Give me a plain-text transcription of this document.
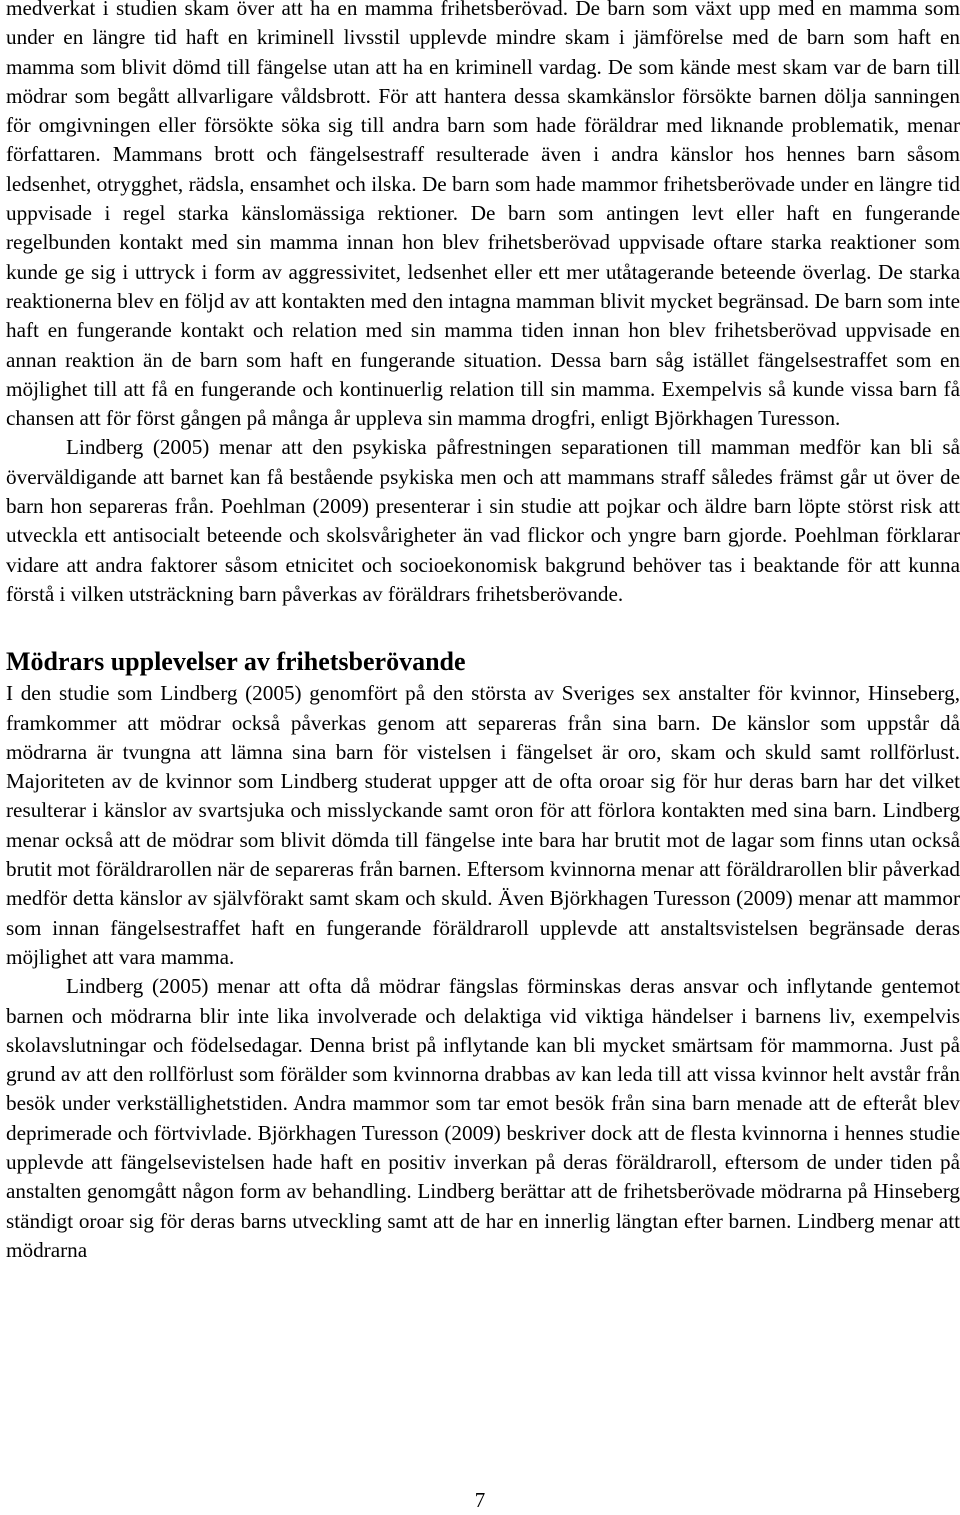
medverkat i studien skam över att ha en mamma frihetsberövad. De barn som växt upp med en mamma som under en längre tid haft en kriminell livsstil upplevde mindre skam i jämförelse med de barn som haft en mamma som blivit dömd till fängelse utan att ha en kriminell vardag. De som kände mest skam var de barn till mödrar som begått allvarligare våldsbrott. För att hantera dessa skamkänslor försökte barnen dölja sanningen för omgivningen eller försökte söka sig till andra barn som hade föräldrar med liknande problematik, menar författaren. Mammans brott och fängelsestraff resulterade även i andra känslor hos hennes barn såsom ledsenhet, otrygghet, rädsla, ensamhet och ilska. De barn som hade mammor frihetsberövade under en längre tid uppvisade i regel starka känslomässiga rektioner. De barn som antingen levt eller haft en fungerande regelbunden kontakt med sin mamma innan hon blev frihetsberövad uppvisade oftare starka reaktioner som kunde ge sig i uttryck i form av aggressivitet, ledsenhet eller ett mer utåtagerande beteende överlag. De starka reaktionerna blev en följd av att kontakten med den intagna mamman blivit mycket begränsad. De barn som inte haft en fungerande kontakt och relation med sin mamma tiden innan hon blev frihetsberövad uppvisade en annan reaktion än de barn som haft en fungerande situation. Dessa barn såg istället fängelsestraffet som en möjlighet till att få en fungerande och kontinuerlig relation till sin mamma. Exempelvis så kunde vissa barn få chansen att för först gången på många år uppleva sin mamma drogfri, enligt Björkhagen Turesson.

Lindberg (2005) menar att den psykiska påfrestningen separationen till mamman medför kan bli så överväldigande att barnet kan få bestående psykiska men och att mammans straff således främst går ut över de barn hon separeras från. Poehlman (2009) presenterar i sin studie att pojkar och äldre barn löpte störst risk att utveckla ett antisocialt beteende och skolsvårigheter än vad flickor och yngre barn gjorde. Poehlman förklarar vidare att andra faktorer såsom etnicitet och socioekonomisk bakgrund behöver tas i beaktande för att kunna förstå i vilken utsträckning barn påverkas av föräldrars frihetsberövande.

Mödrars upplevelser av frihetsberövande

I den studie som Lindberg (2005) genomfört på den största av Sveriges sex anstalter för kvinnor, Hinseberg, framkommer att mödrar också påverkas genom att separeras från sina barn. De känslor som uppstår då mödrarna är tvungna att lämna sina barn för vistelsen i fängelset är oro, skam och skuld samt rollförlust. Majoriteten av de kvinnor som Lindberg studerat uppger att de ofta oroar sig för hur deras barn har det vilket resulterar i känslor av svartsjuka och misslyckande samt oron för att förlora kontakten med sina barn. Lindberg menar också att de mödrar som blivit dömda till fängelse inte bara har brutit mot de lagar som finns utan också brutit mot föräldrarollen när de separeras från barnen. Eftersom kvinnorna menar att föräldrarollen blir påverkad medför detta känslor av självförakt samt skam och skuld. Även Björkhagen Turesson (2009) menar att mammor som innan fängelsestraffet haft en fungerande föräldraroll upplevde att anstaltsvistelsen begränsade deras möjlighet att vara mamma.

Lindberg (2005) menar att ofta då mödrar fängslas förminskas deras ansvar och inflytande gentemot barnen och mödrarna blir inte lika involverade och delaktiga vid viktiga händelser i barnens liv, exempelvis skolavslutningar och födelsedagar. Denna brist på inflytande kan bli mycket smärtsam för mammorna. Just på grund av att den rollförlust som förälder som kvinnorna drabbas av kan leda till att vissa kvinnor helt avstår från besök under verkställighetstiden. Andra mammor som tar emot besök från sina barn menade att de efteråt blev deprimerade och förtvivlade. Björkhagen Turesson (2009) beskriver dock att de flesta kvinnorna i hennes studie upplevde att fängelsevistelsen hade haft en positiv inverkan på deras föräldraroll, eftersom de under tiden på anstalten genomgått någon form av behandling. Lindberg berättar att de frihetsberövade mödrarna på Hinseberg ständigt oroar sig för deras barns utveckling samt att de har en innerlig längtan efter barnen. Lindberg menar att mödrarna

7
